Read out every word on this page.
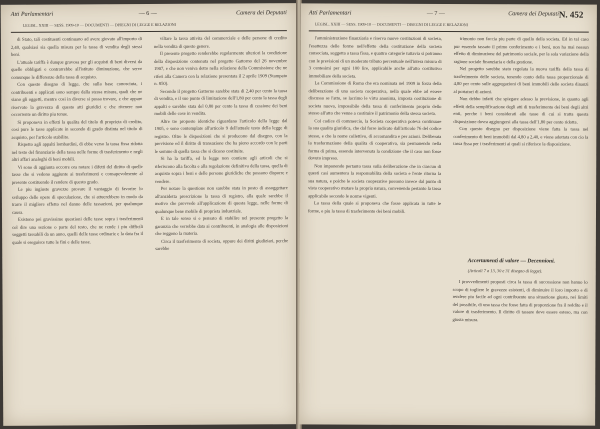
Atti Parlamentari	— 6 —	Camera dei Deputati
LEGISL. XXIII — SESS. 1909-10 — DOCUMENTI — DISEGNI DI LEGGE E RELAZIONI

di Stato, tali costituenti continuano ad avere giovato all'importo di 2,40, qualsiasi sia quella misura per la tassa di vendita degli stessi beni.

L'attuale tariffa è dunque gravosa per gli acquisti di beni diversi da quelle obbligati e contrarrebbe all'istituto diminuzione, che serve comunque le differenze della tassa di acquisto.

Con questo disegno di legge, che sulla base conosciuta, i contribuenti e applicati sono sempre dalla stessa misura, quali che ne siano gli oggetti, mentre cosi in diverse si possa trovare, e che appare riservato la gravezza di questo atti giuridici e che ritenere non occorrente un diritto piu tenue.

Si proponeva in effetti la qualita del titolo di proprieta di credito, cosi pure le tasse applicate in secondo di grado distinta nel titolo di acquisto, per l'articolo stabilito.

Rispetto agli appalti lombardini, di ebbe verso la tassa fissa ridotta nel testo del finanziario della tassa nelle forme di trasferimento e negli altri affari analoghi di beni mobili.

Vi sono di aggiunta occorre ora notare i difetti del diritto di quelle tasse che si vedono aggiunte ai trasferimenti e consapevolmente al presente costituendo il rendere di questo grado.

Le piu ingiuste gravezze provare il vantaggio di favorire lo sviluppo delle opere di speculazione, che si attuerebbero in modo da trarre il migliore effetto nel danno delle tassazioni, per qualunque causa.

Esistono poi gravissime questioni delle tasse sopra i trasferimenti col dire una sezione o parte del testo, che ne rende i piu difficili soggetti tassabili da un anno, quelli delle tasse ordinarie e la data fra il quale si eseguisce tutte le fini e delle tasse.

viltare la tassa attivita del commerciale e delle persone di credito nella vendita di questo genere.

Il presente progetto renderebbe regolarmente ulteriori la condizione della disposizione contenuta nel progetto Gattorno del 26 novembre 1907, e che non veniva detto nella relazione della Commissione che ne riferi alla Camera con la relazione presentata il 2 aprile 1909 (Stampato n. 850).

Secondo il progetto Gattorno sarebbe stata di 2,40 per cento la tassa di vendita, e il suo punto di limitazione dell'1,80 per cento la tassa degli appalti e sarebbe stata del 0,80 per cento la tassa di cessione dei beni mobili delle cose in vendita.

Altre tre proposte identiche riguardano l'articolo della legge dal 1905, e sono contemplate all'articolo 9 dell'attuale testo della legge di registro. Oltre le disposizioni che si producono dal disegno, con la previsione ed il diritto di transazione che ha pieno accordo con le parti le somme di quella tassa che si dicono costituite.

Si ha la tariffa, ed la legge non contiene agli articoli che si riferiscono alla facolta e alla regolazione definitiva della tassa, quella di acquisto sopra i beni e delle persone giuridiche che possono disporre e vendere.

Per notare la questione non sarebbe stata in posto di assoggettare all'anzidetta prescrizione la tassa di registro, alla quale sarebbe il motivo che provvede all'applicazione di questa legge, nelle forme di qualunque bene mobile di proprieta industriale.

E in tale senso si e pensato di stabilire nel presente progetto la garanzia che verrebbe data ai contribuenti, in analogia alle disposizioni che reggono la materia.

Circa il trasferimento di societa, oppure dei diritti giudiziari, perche sarebbe

Atti Parlamentari	— 7 —	Camera dei Deputati N. 452
LEGISL. XXIII — SESS. 1909-10 — DOCUMENTI — DISEGNI DI LEGGE E RELAZIONI

l'amministrazione finanziaria e riserva nuove costituzioni di societa, l'esattezza delle forme nell'effetto della costituzione della societa consociata, soggetta a tassa fissa, e quattro categorie tuttavia si potranno con le previsioni di un moderato tributo percentuale nell'intera misura di 3 centesimi per ogni 100 lire, applicabile anche all'atto costitutivo immobiliare della societa.

La Commissione di Roma che era nominata nel 1909 in forza della deliberazione di una societa cooperativa, nella quale ebbe ad essere discusso se l'atto, se lacrimo le virtu anonima, importa costituzione di societa nuova, impossibile della tassa di conferimento proprio dello stesso all'atto che venne a costituire il patrimonio della stessa societa.

Col codice di commercio, la Societa cooperativa poteva continuare la sua qualita giuridica, che dal forse indicato dall'articolo 76 del codice stesso, e che la nome collettivo, di accomandita e per azioni. Deliberata la trasformazione della qualita di cooperativa, sia permanendo nella forma di prima, essendo intervenuta la condizione che il caso non fosse dovuto impreso.

Non imponendo pertanto tassa sulla deliberazione che in ciascun di questi casi aumentera la responsabilita della societa e l'ente ritorna la sua natura, e poiche le societa cooperative possono invece dal punto di vista cooperativo mutare la propria natura, convenendo pertanto la tassa applicabile secondo le norme vigenti.

La tassa della quale si proponeva che fosse applicata in tutte le forme, e piu la tassa di trasferimento dei beni mobili.

trimonio non faccia piu parte di quello della societa. Ed in tal caso pur essendo tassato il primo conferimento e i beni, non ha mai nessun effetto di diminuzione del patrimonio sociale, per la sola variazione della ragione sociale finanziaria e della gestione.

Nel progetto sarebbe stato regolata la nuova tariffa della tassa di trasferimento delle societa, tenendo conto della tassa proporzionale di 4,80 per cento sulle aggregazioni di beni immobili delle societa dinanzi al portatori di azioni.

Non debbo infatti che spiegare adesso la previsione, in quanto agli effetti della semplificazione degli atti di trasferimento dei beni degli altri enti, perche i beni considerati alle tasse di cui si tratta questa disposizione dovra aggiungersi alla tassa dell'1,80 per cento ridotta.

Con questo disegno per disposizione viene fatta la tassa nel conferimento di beni immobili dal 4,80 a 2,40, e viene adottata con cio la tassa fissa per i trasferimenti ai quali si riferisce la disposizione.

Accertamenti di valore — Decennioni.
(Articoli 7 a 13, 30 e 31 disegno di legge).

I provvedimenti proposti circa la tassa di successione non hanno lo scopo di togliere le gravezze esistenti, di diminuire il loro importo e di rendere piu facile ad ogni contribuente una situazione giusta, nei limiti del possibile, di una tassa che fosse fatta di proporzione fra il reddito e il valore di trasferimento. Il diritto di tassare deve essere esteso, ma con giusta misura.
